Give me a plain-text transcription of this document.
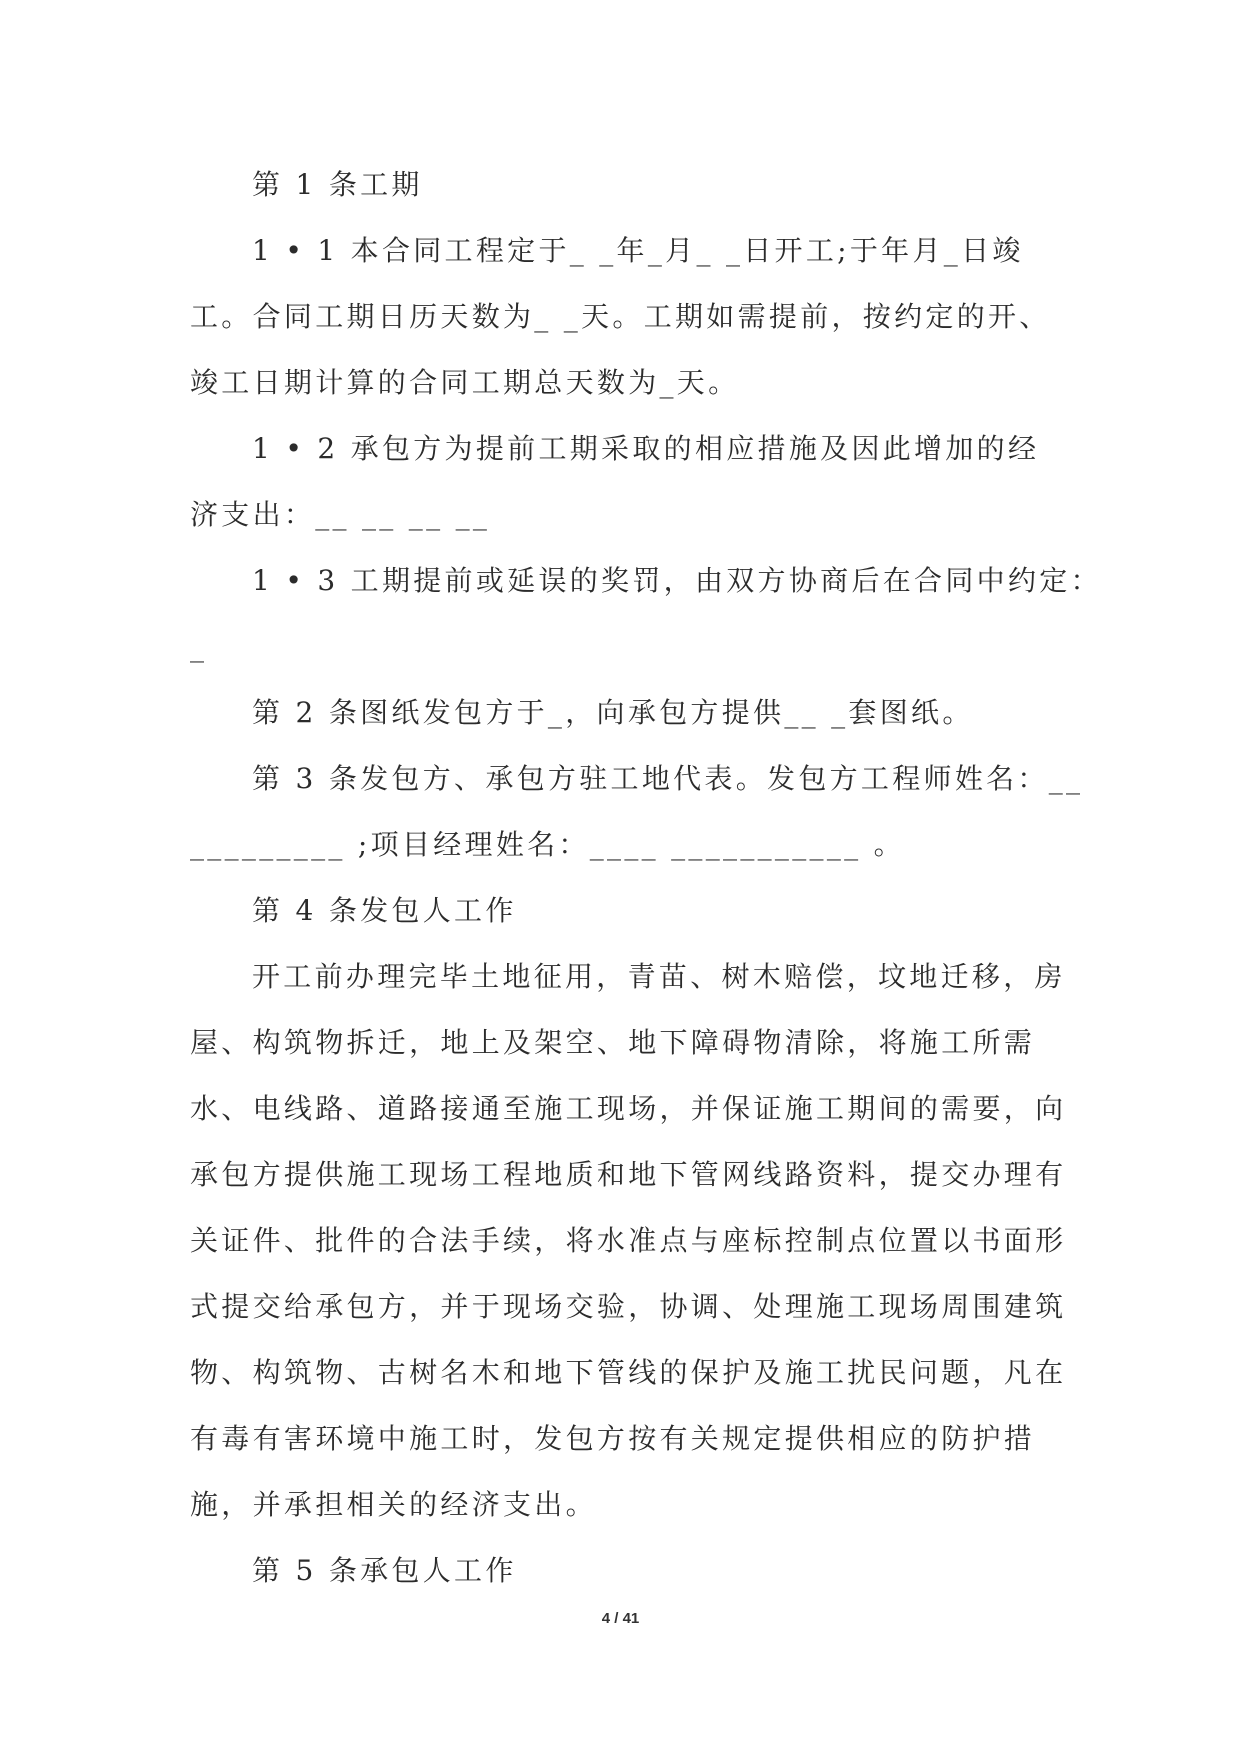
第 1 条工期

1 • 1 本合同工程定于_ _年_月_ _日开工;于年月_日竣工。合同工期日历天数为_ _天。工期如需提前，按约定的开、竣工日期计算的合同工期总天数为_天。

1 • 2 承包方为提前工期采取的相应措施及因此增加的经济支出：__ __ __ __

1 • 3 工期提前或延误的奖罚，由双方协商后在合同中约定：

_

第 2 条图纸发包方于_，向承包方提供__ _套图纸。

第 3 条发包方、承包方驻工地代表。发包方工程师姓名：__

_________ ;项目经理姓名：____ ___________ 。

第 4 条发包人工作

开工前办理完毕土地征用，青苗、树木赔偿，坟地迁移，房屋、构筑物拆迁，地上及架空、地下障碍物清除，将施工所需水、电线路、道路接通至施工现场，并保证施工期间的需要，向承包方提供施工现场工程地质和地下管网线路资料，提交办理有关证件、批件的合法手续，将水准点与座标控制点位置以书面形式提交给承包方，并于现场交验，协调、处理施工现场周围建筑物、构筑物、古树名木和地下管线的保护及施工扰民问题，凡在有毒有害环境中施工时，发包方按有关规定提供相应的防护措施，并承担相关的经济支出。

第 5 条承包人工作

4 / 41
